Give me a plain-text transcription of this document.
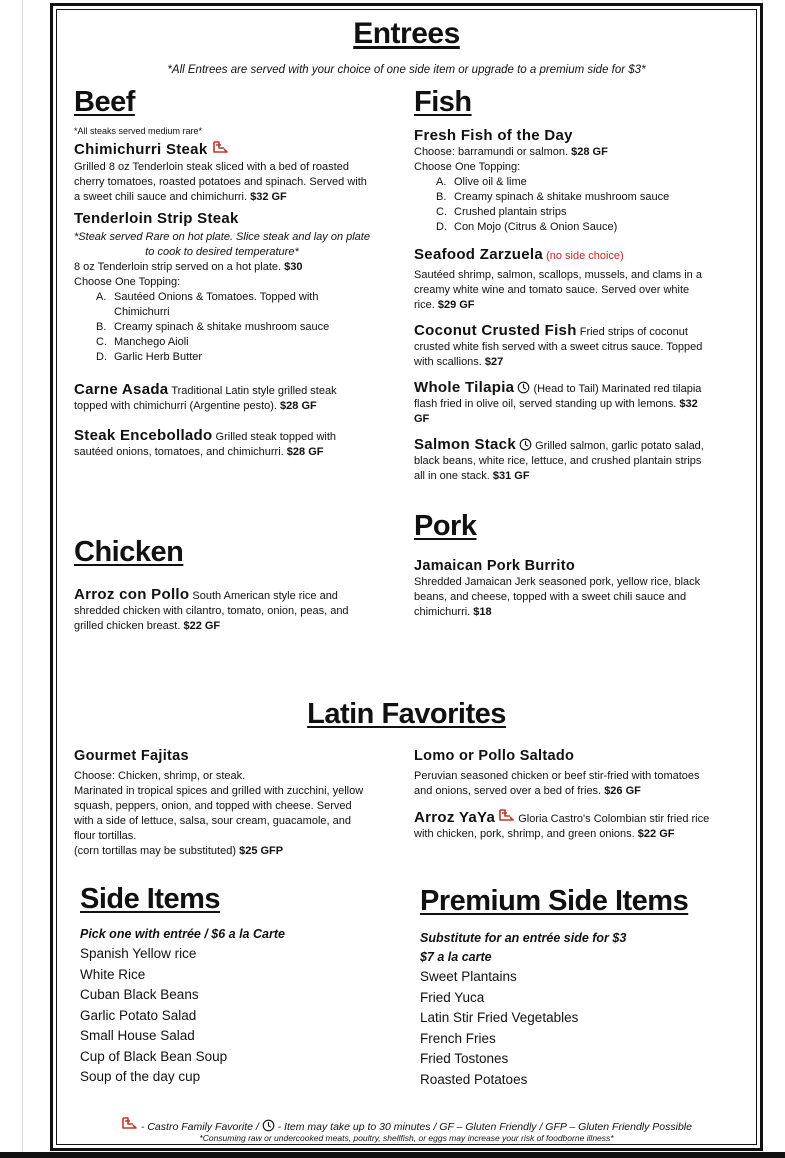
Entrees
*All Entrees are served with your choice of one side item or upgrade to a premium side for $3*
Beef	Fish

*All steaks served medium rare*

Chimichurri Steak

Grilled 8 oz Tenderloin steak sliced with a bed of roasted cherry tomatoes, roasted potatoes and spinach. Served with a sweet chili sauce and chimichurri. $32 GF

Tenderloin Strip Steak

*Steak served Rare on hot plate. Slice steak and lay on plate to cook to desired temperature*

8 oz Tenderloin strip served on a hot plate. $30

Choose One Topping:

A. Sautéed Onions & Tomatoes. Topped with Chimichurri
B. Creamy spinach & shitake mushroom sauce
C. Manchego Aioli
D. Garlic Herb Butter

Carne Asada Traditional Latin style grilled steak topped with chimichurri (Argentine pesto). $28 GF

Steak Encebollado Grilled steak topped with sautéed onions, tomatoes, and chimichurri. $28 GF

Chicken

Arroz con Pollo South American style rice and shredded chicken with cilantro, tomato, onion, peas, and grilled chicken breast. $22 GF

Fresh Fish of the Day

Choose: barramundi or salmon. $28 GF

Choose One Topping:

A. Olive oil & lime
B. Creamy spinach & shitake mushroom sauce
C. Crushed plantain strips
D. Con Mojo (Citrus & Onion Sauce)
Seafood Zarzuela (no side choice)

Sautéed shrimp, salmon, scallops, mussels, and clams in a creamy white wine and tomato sauce. Served over white rice. $29 GF

Coconut Crusted Fish Fried strips of coconut crusted white fish served with a sweet citrus sauce. Topped with scallions. $27

Whole Tilapia (Head to Tail) Marinated red tilapia flash fried in olive oil, served standing up with lemons. $32 GF

Salmon Stack Grilled salmon, garlic potato salad, black beans, white rice, lettuce, and crushed plantain strips all in one stack. $31 GF

Pork
Jamaican Pork Burrito

Shredded Jamaican Jerk seasoned pork, yellow rice, black beans, and cheese, topped with a sweet chili sauce and chimichurri. $18

Latin Favorites
Gourmet Fajitas

Choose: Chicken, shrimp, or steak.

Marinated in tropical spices and grilled with zucchini, yellow squash, peppers, onion, and topped with cheese. Served with a side of lettuce, salsa, sour cream, guacamole, and flour tortillas.

(corn tortillas may be substituted) $25 GFP

Lomo or Pollo Saltado

Peruvian seasoned chicken or beef stir-fried with tomatoes and onions, served over a bed of fries. $26 GF

Arroz YaYa Gloria Castro's Colombian stir fried rice with chicken, pork, shrimp, and green onions. $22 GF

Side Items
Pick one with entrée / $6 a la Carte
Spanish Yellow rice
White Rice
Cuban Black Beans
Garlic Potato Salad
Small House Salad
Cup of Black Bean Soup
Soup of the day cup
Premium Side Items
Substitute for an entrée side for $3
$7 a la carte
Sweet Plantains
Fried Yuca
Latin Stir Fried Vegetables
French Fries
Fried Tostones
Roasted Potatoes
- Castro Family Favorite / - Item may take up to 30 minutes / GF – Gluten Friendly / GFP – Gluten Friendly Possible
*Consuming raw or undercooked meats, poultry, shellfish, or eggs may increase your risk of foodborne illness*
